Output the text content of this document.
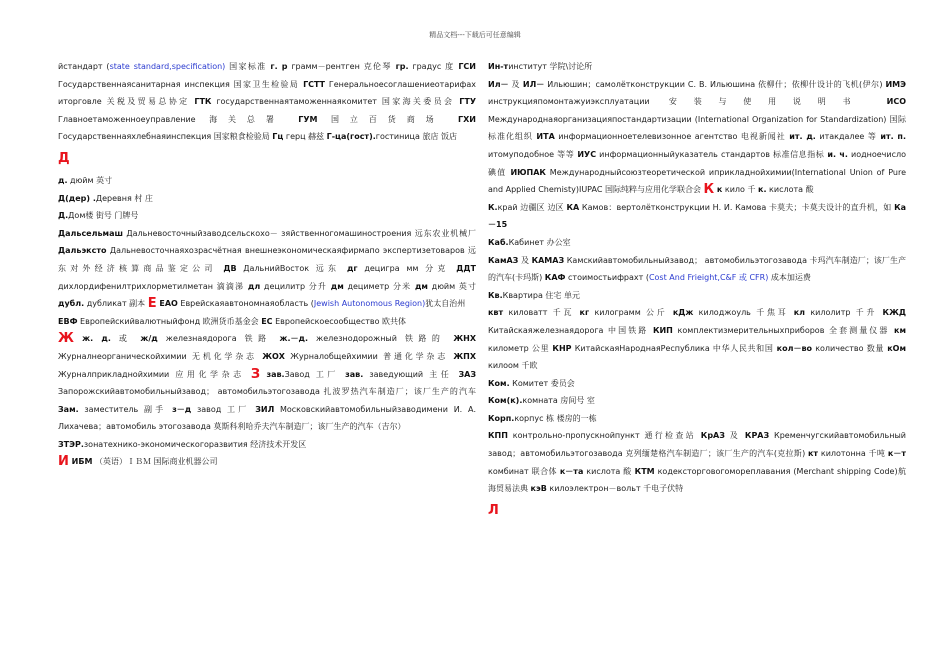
精品文档---下载后可任意编辑

йстандарт (state standard,specification) 国家标准 г. р грамм－рентген 克伦琴 гр. градус 度 ГСИ Государственнаясанитарная инспекция 国家卫生检验局 ГСТТ Генеральноесоглашениеотарифах иторговле 关税及贸易总协定 ГТК государственнаятаможеннаякомитет 国家海关委员会 ГТУ Главноетаможенноеуправление 海关总署 ГУМ 国立百货商场 ГХИ Государственнаяхлебнаяинспекция 国家粮食检验局 Гц герц 赫兹 Г-ца(гост).гостиница 旅店 饭店

Д

д. дюйм 英寸

Д(дер) .Деревня 村 庄

Д.Дом楼 街号 门牌号

Дальсельмаш Дальневосточныйзаводсельскохо－ зяйственногомашиностроения 远东农业机械厂 Дальэксто Дальневосточнаяхозрасчётная внешнеэкономическаяфирмапо экспертизетоваров 远东对外经济核算商品鉴定公司 ДВ ДальнийВосток 远东 дг децигра мм 分克 ДДТ дихлордифенилтрихлорметилметан 滴滴涕 дл децилитр 分升 дм дециметр 分米 дм дюйм 英寸 дубл. дубликат 副本 Е ЕАО Еврейскаяавтономнаяобласть (Jewish Autonomous Region)犹太自治州

ЕВФ Европейскийвалютныйфонд 欧洲货币基金会 ЕС Европейскоесообщество 欧共体

Ж ж. д. 或 ж/д железнаядорога 铁路 ж.－д. железнодорожный 铁路的 ЖНХ Журналнеорганическойхимии 无机化学杂志 ЖОХ Журналобщейхимии 普通化学杂志 ЖПХ Журналприкладнойхимии 应用化学杂志 З зав.Завод 工厂 зав. заведующий 主任 ЗАЗ Запорожскийавтомобильныйзавод； автомобильэтогозавода 扎波罗热汽车制造厂；该厂生产的汽车 Зам. заместитель 副手 з－д завод 工厂 ЗИЛ Московскийавтомобильныйзаводимени И. А. Лихачева；автомобиль этогозавода 莫斯科利哈乔夫汽车制造厂；该厂生产的汽车（吉尔）

ЗТЭР.зонатехнико-экономическогоразвития 经济技术开发区

И ИБМ （英语）ＩＢＭ 国际商业机器公司

Ин-тинститут 学院\讨论所

Ил－ 及 ИЛ－ Ильюшин；самолётконструкции С. В. Ильюшина 依柳什；依柳什设计的飞机(伊尔) ИМЭ инструкцияпомонтажуиэксплуатации 安装与使用说明书 ИСО Международнаяорганизацияпостандартизации (International Organization for Standardization) 国际标准化组织 ИТА информационноетелевизонное агентство 电视新闻社 ит. д. итакдалее 等 ит. п. итомуподобное 等等 ИУС информационныйуказатель стандартов 标准信息指标 и. ч. иодноечисло 碘值 ИЮПАК Международныйсоюзтеоретической иприкладнойхимии(International Union of Pure and Applied Chemisty)IUPAC 国际纯粹与应用化学联合会 К к кило 千 к. кислота 酸

К.край 边疆区 边区 КА Камов：вертолётконструкции Н. И. Камова 卡莫夫；卡莫夫设计的直升机，如 Ка－15

Каб.Кабинет 办公室

КамАЗ 及 КАМАЗ Камскийавтомобильныйзавод； автомобильэтогозавода 卡玛汽车制造厂；该厂生产的汽车(卡玛斯) КАФ стоимостьифрахт (Cost And Frieight,C&F 或 CFR) 成本加运费

Кв.Квартира 住宅 单元

квт киловатт 千瓦 кг килограмм 公斤 кДж килоджоуль 千焦耳 кл килолитр 千升 КЖД Китайскаяжелезнаядорога 中国铁路 КИП комплектизмерительныхприборов 全套测量仪器 км километр 公里 КНР КитайскаяНароднаяРеспублика 中华人民共和国 кол－во количество 数量 кОм килоом 千欧

Ком. Комитет 委员会

Ком(к).комната 房间号 室

Корп.корпус 栋 楼房的一栋

КПП контрольно-пропускнойпункт 通行检查站 КрАЗ 及 КРАЗ Кременчугскийавтомобильный завод；автомобильэтогозавода 克列缅楚格汽车制造厂；该厂生产的汽车(克拉斯) кт килотонна 千吨 к－т комбинат 联合体 к－та кислота 酸 КТМ кодексторговогомореплавания (Merchant shipping Code)航海贸易法典 кэВ килоэлектрон－вольт 千电子伏特

Л
